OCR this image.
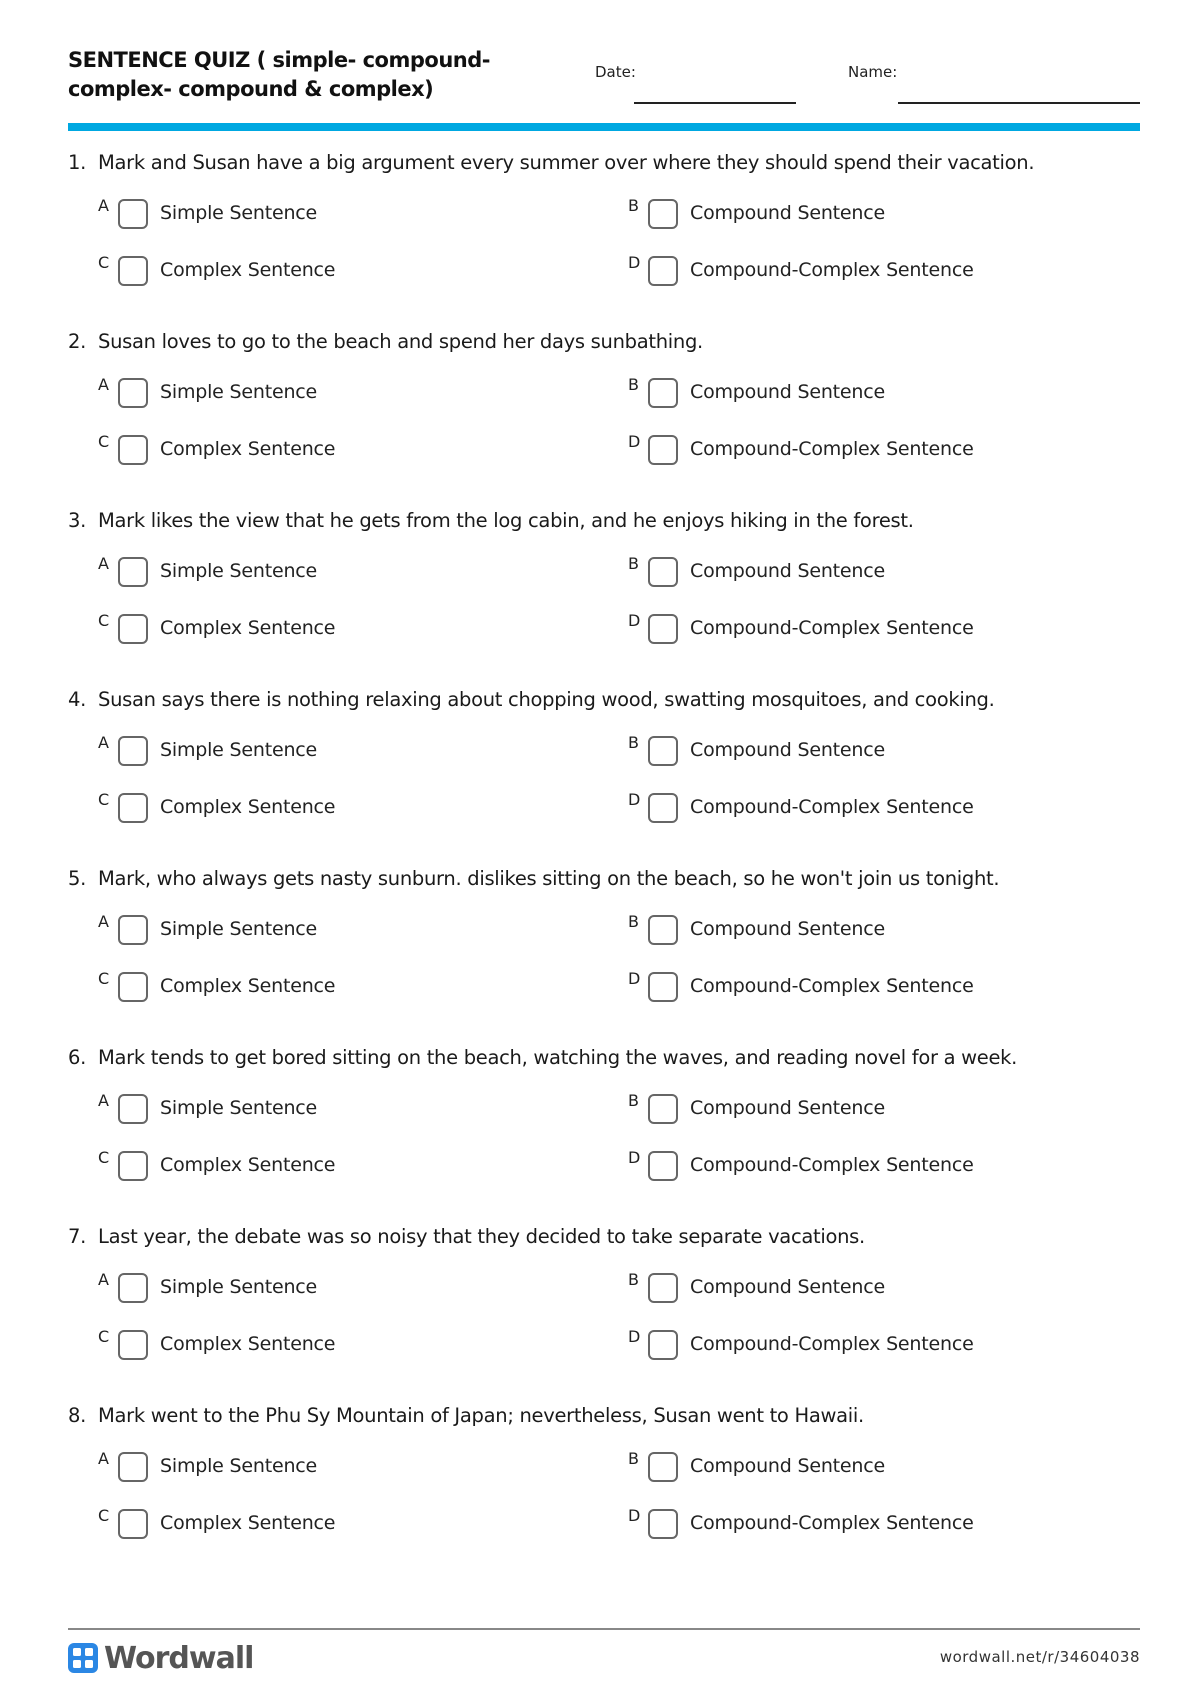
SENTENCE QUIZ ( simple- compound- complex- compound & complex)
Date:	Name:
1. Mark and Susan have a big argument every summer over where they should spend their vacation.
A	Simple Sentence	B	Compound Sentence
C	Complex Sentence	D	Compound-Complex Sentence
2. Susan loves to go to the beach and spend her days sunbathing.
A	Simple Sentence	B	Compound Sentence
C	Complex Sentence	D	Compound-Complex Sentence
3. Mark likes the view that he gets from the log cabin, and he enjoys hiking in the forest.
A	Simple Sentence	B	Compound Sentence
C	Complex Sentence	D	Compound-Complex Sentence
4. Susan says there is nothing relaxing about chopping wood, swatting mosquitoes, and cooking.
A	Simple Sentence	B	Compound Sentence
C	Complex Sentence	D	Compound-Complex Sentence
5. Mark, who always gets nasty sunburn. dislikes sitting on the beach, so he won't join us tonight.
A	Simple Sentence	B	Compound Sentence
C	Complex Sentence	D	Compound-Complex Sentence
6. Mark tends to get bored sitting on the beach, watching the waves, and reading novel for a week.
A	Simple Sentence	B	Compound Sentence
C	Complex Sentence	D	Compound-Complex Sentence
7. Last year, the debate was so noisy that they decided to take separate vacations.
A	Simple Sentence	B	Compound Sentence
C	Complex Sentence	D	Compound-Complex Sentence
8. Mark went to the Phu Sy Mountain of Japan; nevertheless, Susan went to Hawaii.
A	Simple Sentence	B	Compound Sentence
C	Complex Sentence	D	Compound-Complex Sentence
Wordwall	wordwall.net/r/34604038
